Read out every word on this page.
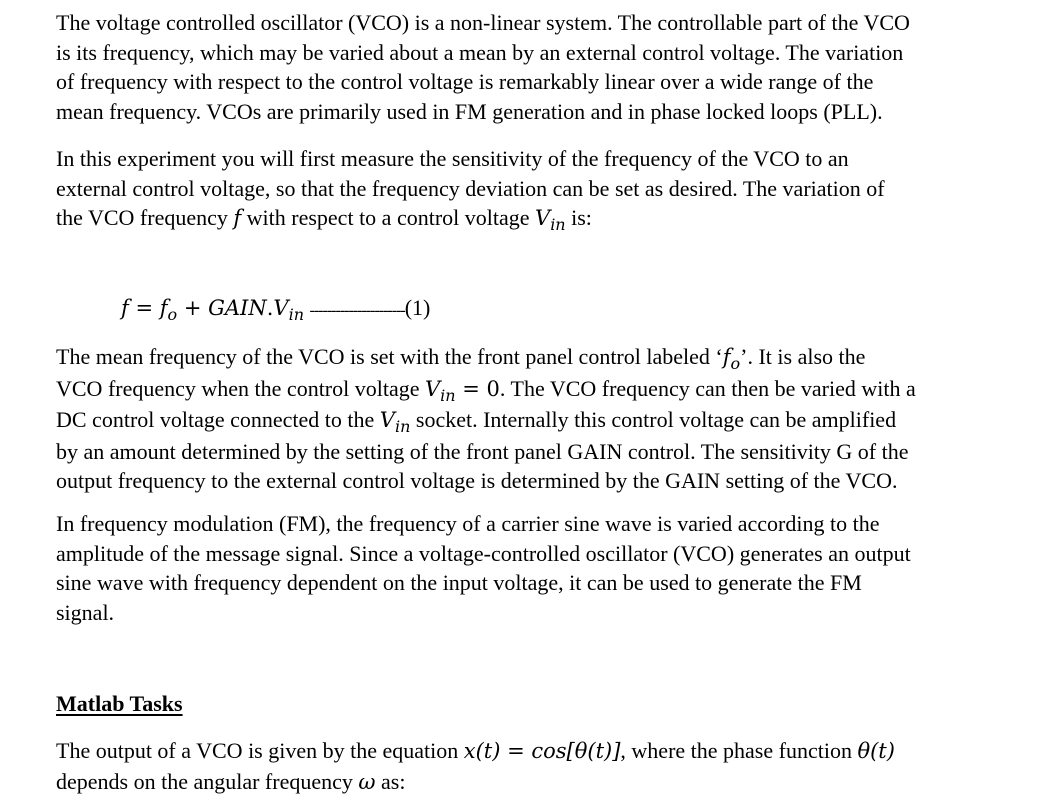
The voltage controlled oscillator (VCO) is a non-linear system. The controllable part of the VCO
is its frequency, which may be varied about a mean by an external control voltage. The variation
of frequency with respect to the control voltage is remarkably linear over a wide range of the
mean frequency. VCOs are primarily used in FM generation and in phase locked loops (PLL).
In this experiment you will first measure the sensitivity of the frequency of the VCO to an
external control voltage, so that the frequency deviation can be set as desired. The variation of
the VCO frequency f with respect to a control voltage $V_{in}$ is:
$f = f_o$ + $GAIN.V_{in}$ ----------------------(1)
The mean frequency of the VCO is set with the front panel control labeled ‘$f_o$’. It is also the
VCO frequency when the control voltage $V_{in} = 0$. The VCO frequency can then be varied with a
DC control voltage connected to the $V_{in}$ socket. Internally this control voltage can be amplified
by an amount determined by the setting of the front panel GAIN control. The sensitivity G of the
output frequency to the external control voltage is determined by the GAIN setting of the VCO.
In frequency modulation (FM), the frequency of a carrier sine wave is varied according to the
amplitude of the message signal. Since a voltage-controlled oscillator (VCO) generates an output
sine wave with frequency dependent on the input voltage, it can be used to generate the FM
signal.
Matlab Tasks
The output of a VCO is given by the equation x(t) = cos[θ(t)], where the phase function θ(t)
depends on the angular frequency ω as:
